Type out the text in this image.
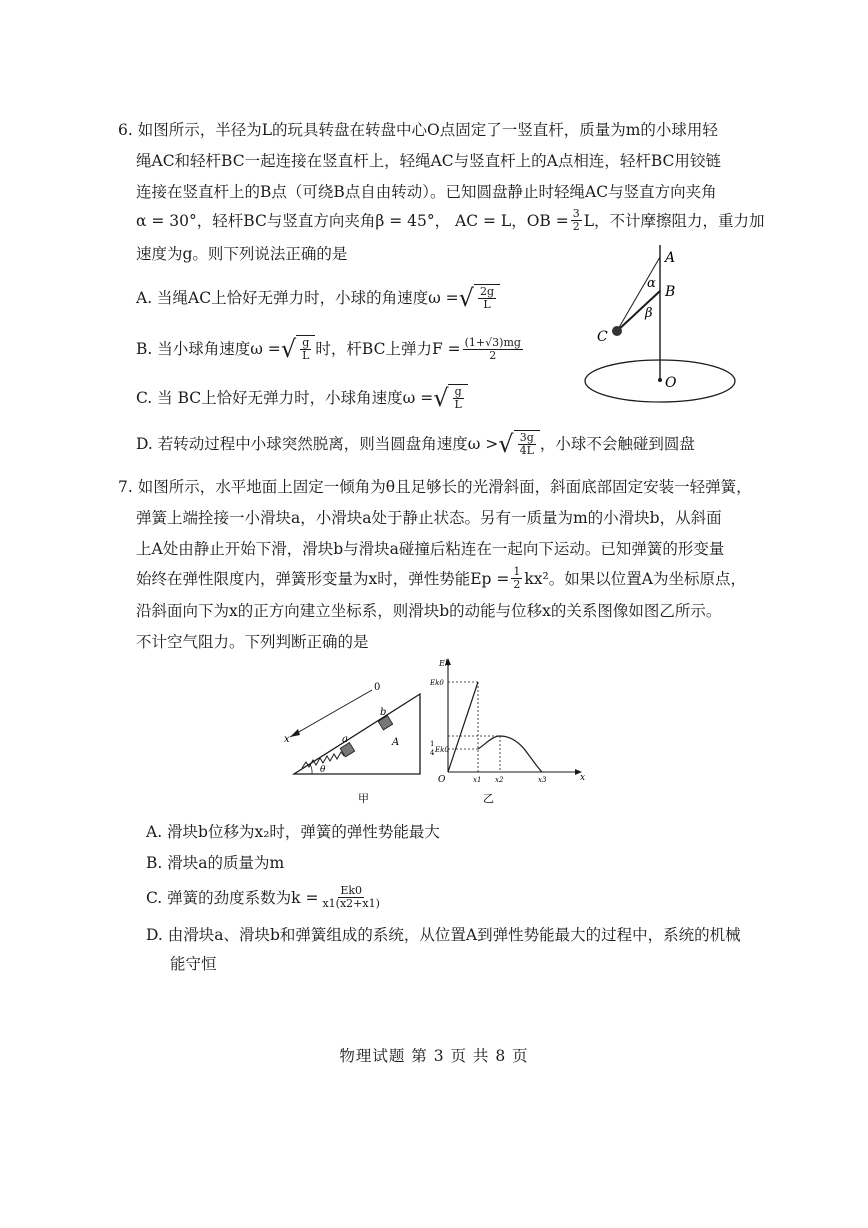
6. 如图所示，半径为L的玩具转盘在转盘中心O点固定了一竖直杆，质量为m的小球用轻
绳AC和轻杆BC一起连接在竖直杆上，轻绳AC与竖直杆上的A点相连，轻杆BC用铰链
连接在竖直杆上的B点（可绕B点自由转动）。已知圆盘静止时轻绳AC与竖直方向夹角
α = 30°，轻杆BC与竖直方向夹角β = 45°， AC = L，OB = $\frac{3}{2}$ L，不计摩擦阻力，重力加
速度为g。则下列说法正确的是
A. 当绳AC上恰好无弹力时，小球的角速度ω = √ $\frac{2g}{L}$
B. 当小球角速度ω = √ $\frac{g}{L}$ 时，杆BC上弹力$F = \frac{(1+√3)mg}{2}$
C. 当 BC上恰好无弹力时，小球角速度ω = √ $\frac{g}{L}$
D. 若转动过程中小球突然脱离，则当圆盘角速度ω > √ $\frac{3g}{4L}$ ，小球不会触碰到圆盘
A
B
C
O
α
β
7. 如图所示，水平地面上固定一倾角为θ且足够长的光滑斜面，斜面底部固定安装一轻弹簧，
弹簧上端拴接一小滑块a，小滑块a处于静止状态。另有一质量为m的小滑块b，从斜面
上A处由静止开始下滑，滑块b与滑块a碰撞后粘连在一起向下运动。已知弹簧的形变量
始终在弹性限度内，弹簧形变量为x时，弹性势能$Ep = \frac{1}{2} kx^2$。如果以位置A为坐标原点，
沿斜面向下为x的正方向建立坐标系，则滑块b的动能与位移x的关系图像如图乙所示。
不计空气阻力。下列判断正确的是
x
0
a
b
A
θ
甲
Ek
x
O
Ek0
1
4 Ek0
x1 x2	x3
乙
A. 滑块b位移为x₂时，弹簧的弹性势能最大
B. 滑块a的质量为m
C. 弹簧的劲度系数为$k = \frac{Ek0}{x1(x2+x1)}$
D. 由滑块a、滑块b和弹簧组成的系统，从位置A到弹性势能最大的过程中，系统的机械
能守恒
物理试题 第 3 页 共 8 页
